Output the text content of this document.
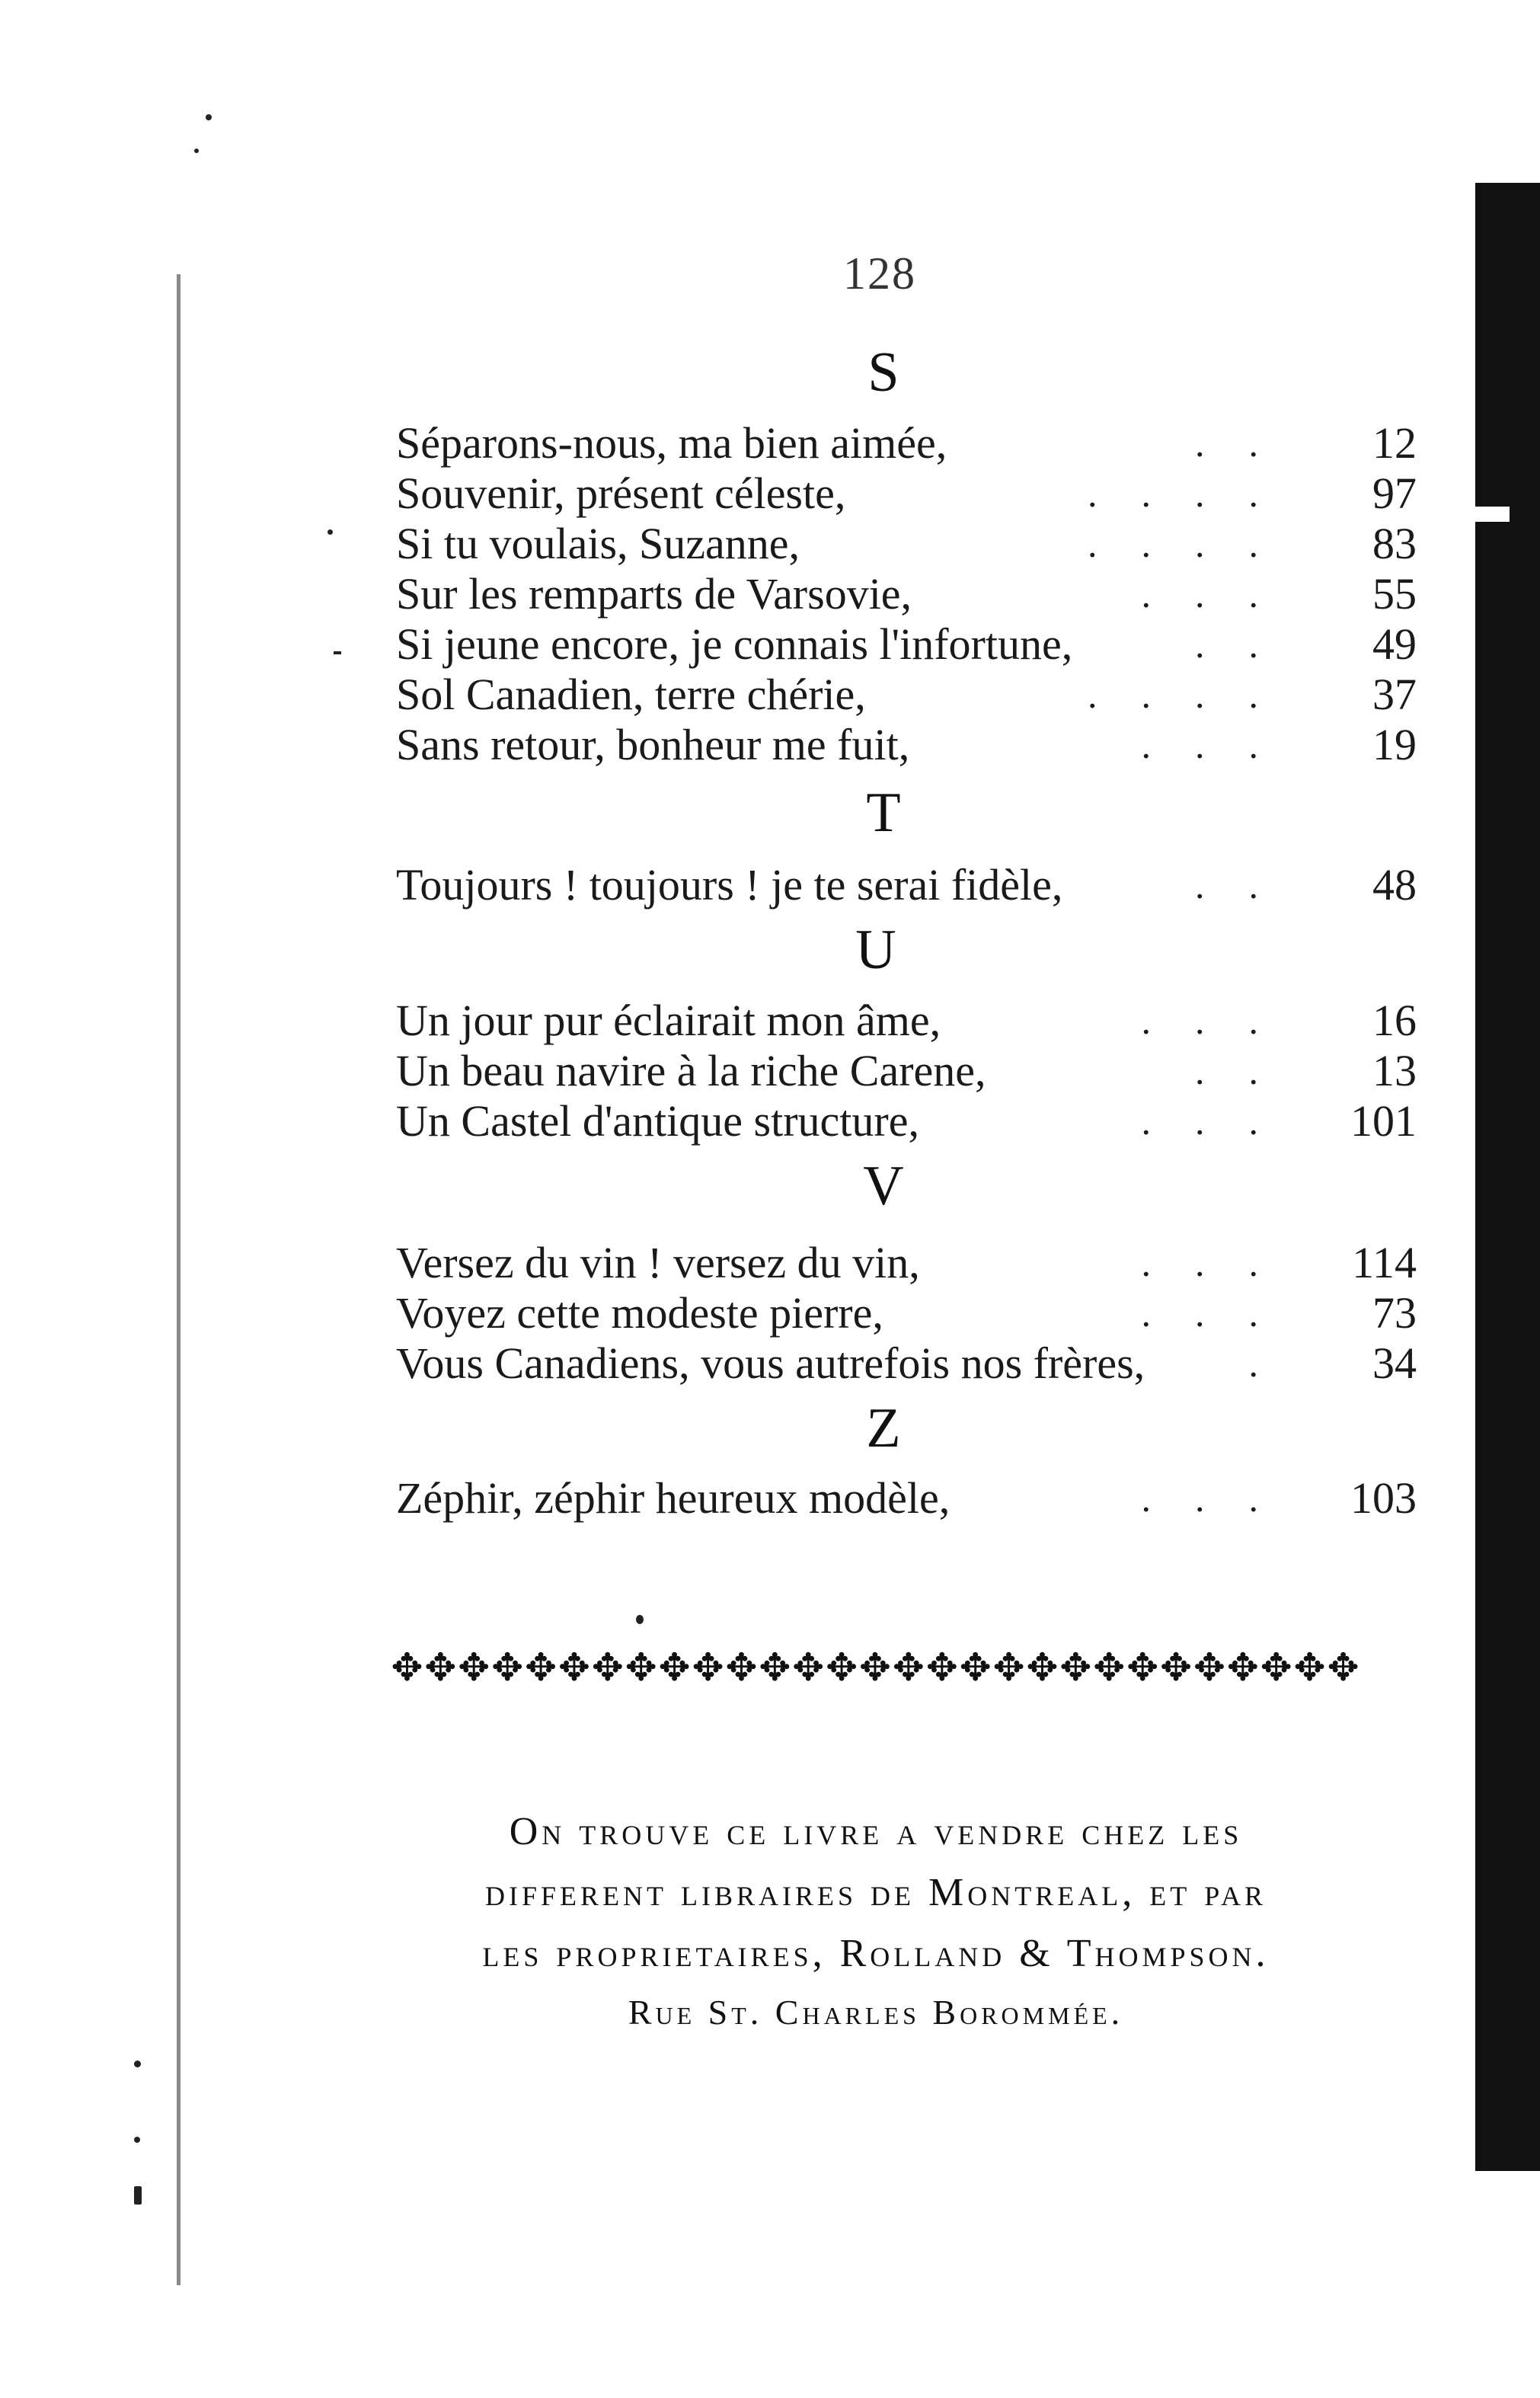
128
S
Séparons-nous, ma bien aimée,	..	12
Souvenir, présent céleste,	....	97
Si tu voulais, Suzanne,	....	83
Sur les remparts de Varsovie,	...	55
Si jeune encore, je connais l'infortune,	..	49
Sol Canadien, terre chérie,	....	37
Sans retour, bonheur me fuit,	...	19
T
Toujours ! toujours ! je te serai fidèle,	..	48
U
Un jour pur éclairait mon âme,	...	16
Un beau navire à la riche Carene,	..	13
Un Castel d'antique structure,	...	101
V
Versez du vin ! versez du vin,	...	114
Voyez cette modeste pierre,	...	73
Vous Canadiens, vous autrefois nos frères,	.	34
Z
Zéphir, zéphir heureux modèle,	...	103
✥✥✥✥✥✥✥✥✥✥✥✥✥✥✥✥✥✥✥✥✥✥✥✥✥✥✥✥✥
On trouve ce livre a vendre chez les
different libraires de Montreal, et par
les proprietaires, Rolland & Thompson.
Rue St. Charles Borommée.
